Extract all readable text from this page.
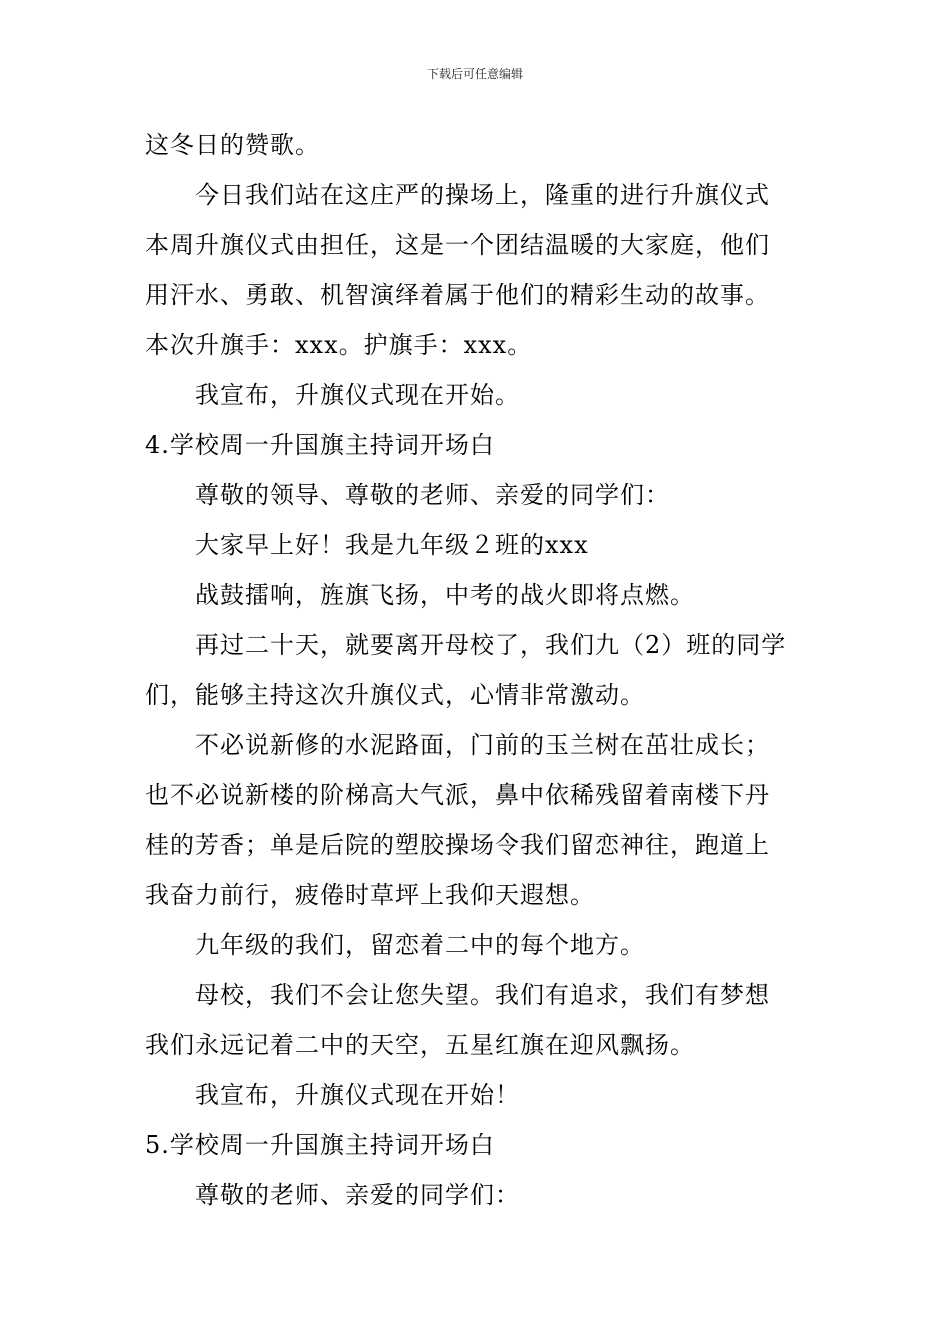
下载后可任意编辑
这冬日的赞歌。
今日我们站在这庄严的操场上，隆重的进行升旗仪式
本周升旗仪式由担任，这是一个团结温暖的大家庭，他们
用汗水、勇敢、机智演绎着属于他们的精彩生动的故事。
本次升旗手：xxx。护旗手：xxx。
我宣布，升旗仪式现在开始。
4.学校周一升国旗主持词开场白
尊敬的领导、尊敬的老师、亲爱的同学们：
大家早上好！我是九年级２班的xxx
战鼓擂响，旌旗飞扬，中考的战火即将点燃。
再过二十天，就要离开母校了，我们九（2）班的同学
们，能够主持这次升旗仪式，心情非常激动。
不必说新修的水泥路面，门前的玉兰树在茁壮成长；
也不必说新楼的阶梯高大气派，鼻中依稀残留着南楼下丹
桂的芳香；单是后院的塑胶操场令我们留恋神往，跑道上
我奋力前行，疲倦时草坪上我仰天遐想。
九年级的我们，留恋着二中的每个地方。
母校，我们不会让您失望。我们有追求，我们有梦想
我们永远记着二中的天空，五星红旗在迎风飘扬。
我宣布，升旗仪式现在开始！
5.学校周一升国旗主持词开场白
尊敬的老师、亲爱的同学们：
